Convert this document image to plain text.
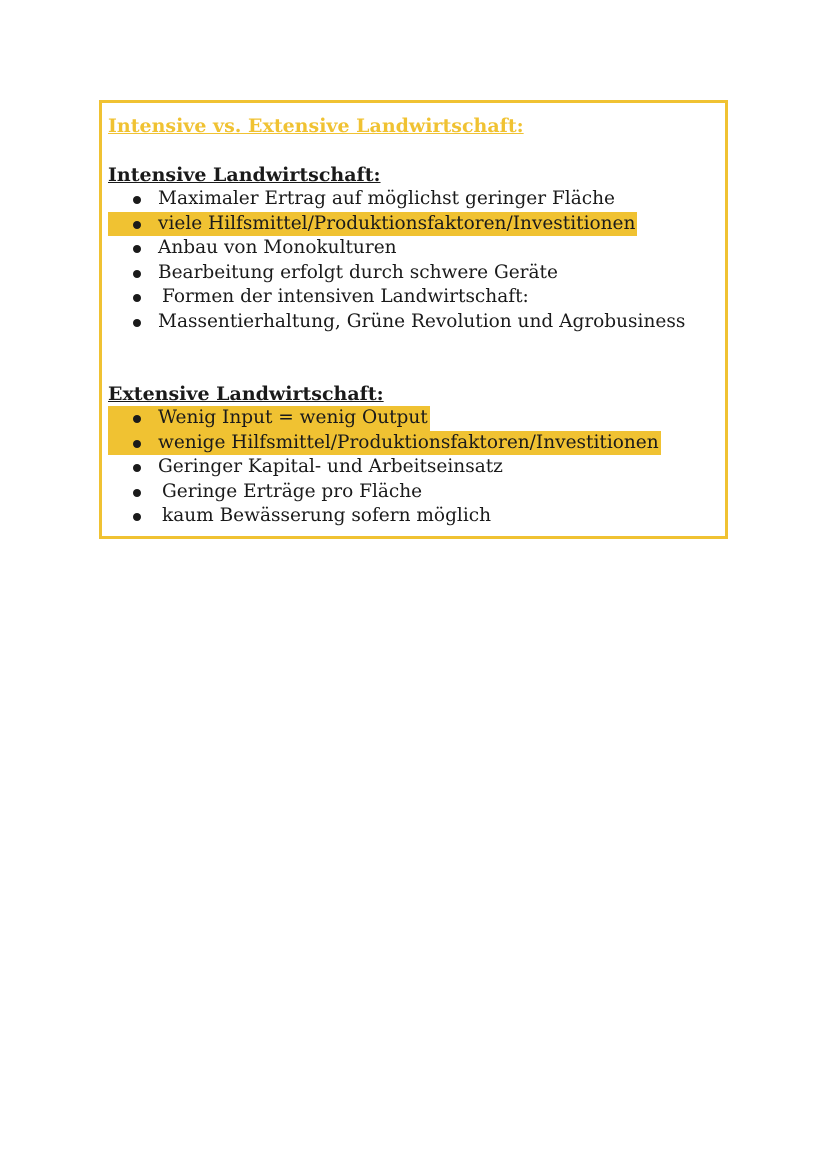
Intensive vs. Extensive Landwirtschaft:

Intensive Landwirtschaft:

Maximaler Ertrag auf möglichst geringer Fläche
viele Hilfsmittel/Produktionsfaktoren/Investitionen
Anbau von Monokulturen
Bearbeitung erfolgt durch schwere Geräte
Formen der intensiven Landwirtschaft:
Massentierhaltung, Grüne Revolution und Agrobusiness

Extensive Landwirtschaft:

Wenig Input = wenig Output
wenige Hilfsmittel/Produktionsfaktoren/Investitionen
Geringer Kapital- und Arbeitseinsatz
Geringe Erträge pro Fläche
kaum Bewässerung sofern möglich
